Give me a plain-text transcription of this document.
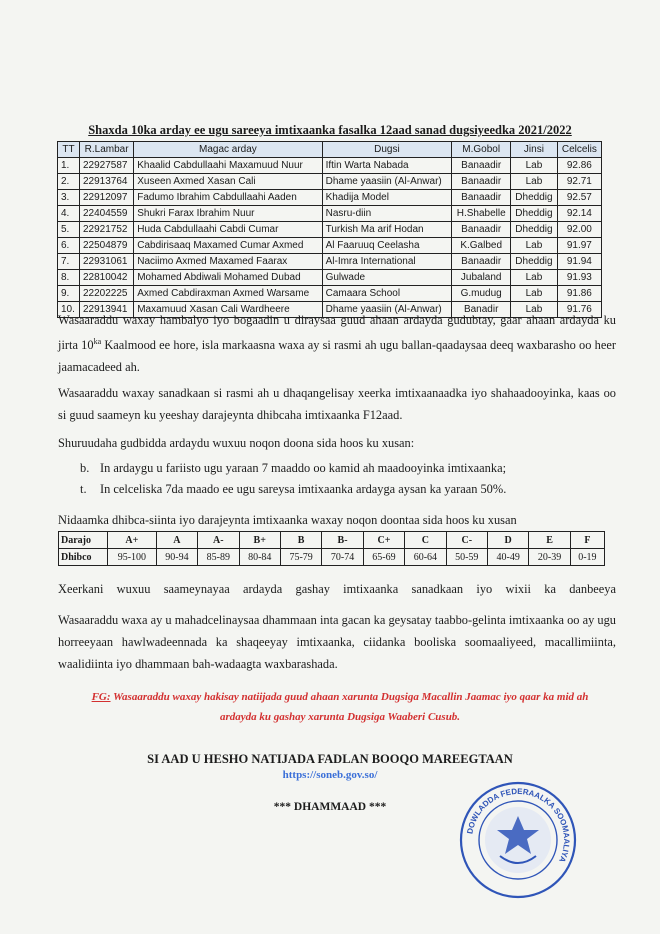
Shaxda 10ka arday ee ugu sareeya imtixaanka fasalka 12aad sanad dugsiyeedka 2021/2022
TT	R.Lambar	Magac arday	Dugsi	M.Gobol	Jinsi	Celcelis
1.	22927587	Khaalid Cabdullaahi Maxamuud Nuur	Iftin Warta Nabada	Banaadir	Lab	92.86
2.	22913764	Xuseen Axmed Xasan Cali	Dhame yaasiin (Al-Anwar)	Banaadir	Lab	92.71
3.	22912097	Fadumo Ibrahim Cabdullaahi Aaden	Khadija Model	Banaadir	Dheddig	92.57
4.	22404559	Shukri Farax Ibrahim Nuur	Nasru-diin	H.Shabelle	Dheddig	92.14
5.	22921752	Huda Cabdullaahi Cabdi Cumar	Turkish Ma arif Hodan	Banaadir	Dheddig	92.00
6.	22504879	Cabdirisaaq Maxamed Cumar Axmed	Al Faaruuq Ceelasha	K.Galbed	Lab	91.97
7.	22931061	Naciimo Axmed Maxamed Faarax	Al-Imra International	Banaadir	Dheddig	91.94
8.	22810042	Mohamed Abdiwali Mohamed Dubad	Gulwade	Jubaland	Lab	91.93
9.	22202225	Axmed Cabdiraxman Axmed Warsame	Camaara School	G.mudug	Lab	91.86
10.	22913941	Maxamuud Xasan Cali Wardheere	Dhame yaasiin (Al-Anwar)	Banadir	Lab	91.76

Wasaaraddu waxay hambalyo iyo bogaadin u diraysaa guud ahaan ardayda gudubtay, gaar ahaan ardayda ku jirta $10^{ka}$ Kaalmood ee hore, isla markaasna waxa ay si rasmi ah ugu ballan-qaadaysaa deeq waxbarasho oo heer jaamacadeed ah.

Wasaaraddu waxay sanadkaan si rasmi ah u dhaqangelisay xeerka imtixaanaadka iyo shahaadooyinka, kaas oo si guud saameyn ku yeeshay darajeynta dhibcaha imtixaanka F12aad.

Shuruudaha gudbidda ardaydu wuxuu noqon doona sida hoos ku xusan:

b. In ardaygu u fariisto ugu yaraan 7 maaddo oo kamid ah maadooyinka imtixaanka;
t. In celceliska 7da maado ee ugu sareysa imtixaanka ardayga aysan ka yaraan 50%.

Nidaamka dhibca-siinta iyo darajeynta imtixaanka waxay noqon doontaa sida hoos ku xusan

Darajo	A+	A	A-	B+	B	B-	C+	C	C-	D	E	F
Dhibco	95-100	90-94	85-89	80-84	75-79	70-74	65-69	60-64	50-59	40-49	20-39	0-19

Xeerkani wuxuu saameynayaa ardayda gashay imtixaanka sanadkaan iyo wixii ka danbeeya

Wasaaraddu waxa ay u mahadcelinaysaa dhammaan inta gacan ka geysatay taabbo-gelinta imtixaanka oo ay ugu horreeyaan hawlwadeennada ka shaqeeyay imtixaanka, ciidanka booliska soomaaliyeed, macallimiinta, waalidiinta iyo dhammaan bah-wadaagta waxbarashada.

FG: Wasaaraddu waxay hakisay natiijada guud ahaan xarunta Dugsiga Macallin Jaamac iyo qaar ka mid ah
ardayda ku gashay xarunta Dugsiga Waaberi Cusub.
SI AAD U HESHO NATIJADA FADLAN BOOQO MAREEGTAAN
https://soneb.gov.so/
*** DHAMMAAD ***
DOWLADDA FEDERAALKA SOOMAALIYA
